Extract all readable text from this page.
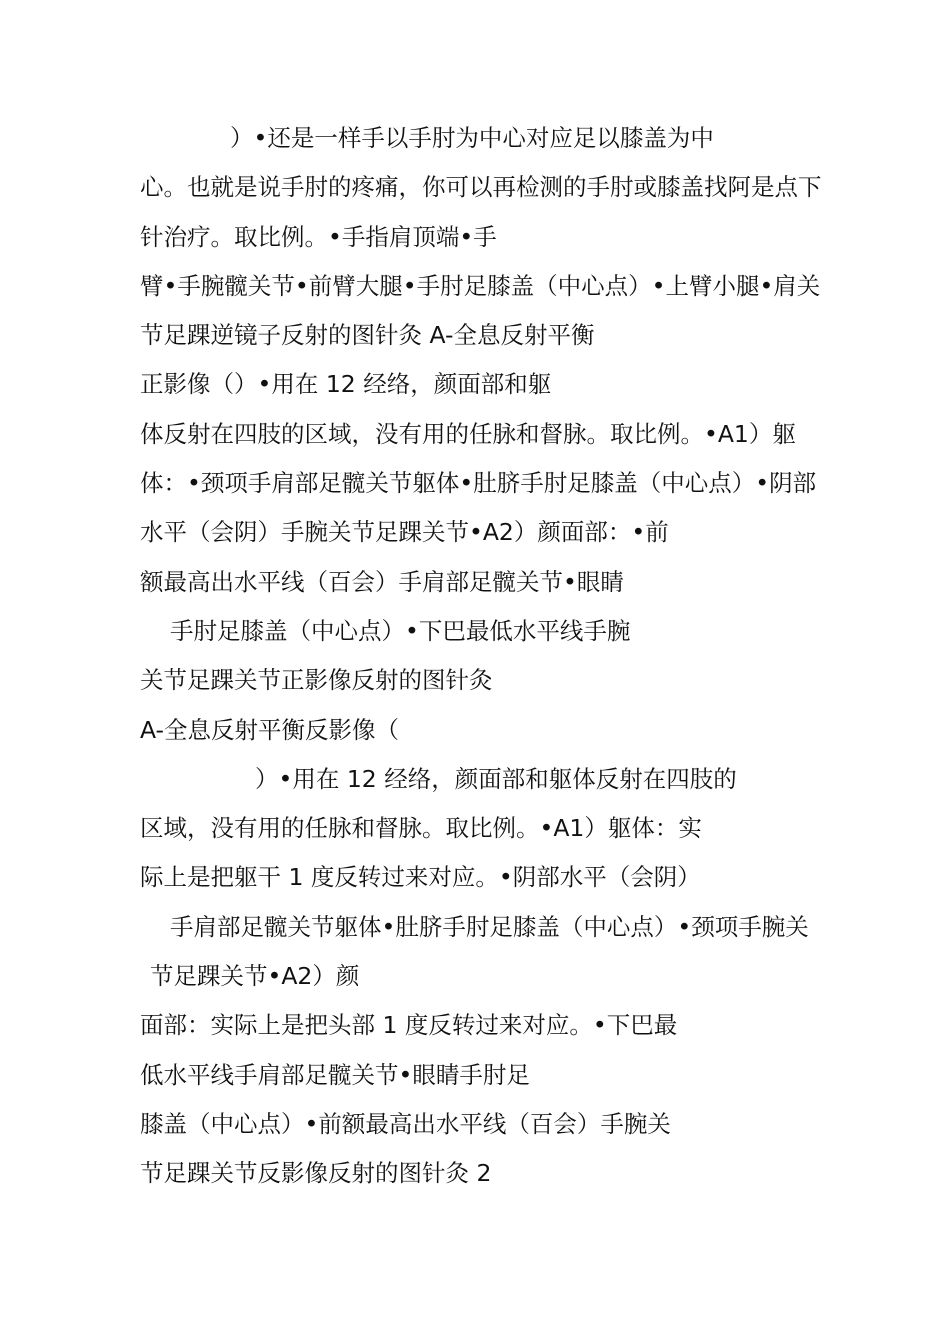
）•还是一样手以手肘为中心对应足以膝盖为中
心。也就是说手肘的疼痛，你可以再检测的手肘或膝盖找阿是点下
针治疗。取比例。•手指肩顶端•手
臂•手腕髋关节•前臂大腿•手肘足膝盖（中心点）•上臂小腿•肩关
节足踝逆镜子反射的图针灸 A-全息反射平衡
正影像（）•用在 12 经络，颜面部和躯
体反射在四肢的区域，没有用的任脉和督脉。取比例。•A1）躯
体：•颈项手肩部足髋关节躯体•肚脐手肘足膝盖（中心点）•阴部
水平（会阴）手腕关节足踝关节•A2）颜面部：•前
额最高出水平线（百会）手肩部足髋关节•眼睛
手肘足膝盖（中心点）•下巴最低水平线手腕
关节足踝关节正影像反射的图针灸
A-全息反射平衡反影像（
）•用在 12 经络，颜面部和躯体反射在四肢的
区域，没有用的任脉和督脉。取比例。•A1）躯体：实
际上是把躯干 1 度反转过来对应。•阴部水平（会阴）
手肩部足髋关节躯体•肚脐手肘足膝盖（中心点）•颈项手腕关
节足踝关节•A2）颜
面部：实际上是把头部 1 度反转过来对应。•下巴最
低水平线手肩部足髋关节•眼睛手肘足
膝盖（中心点）•前额最高出水平线（百会）手腕关
节足踝关节反影像反射的图针灸 2
